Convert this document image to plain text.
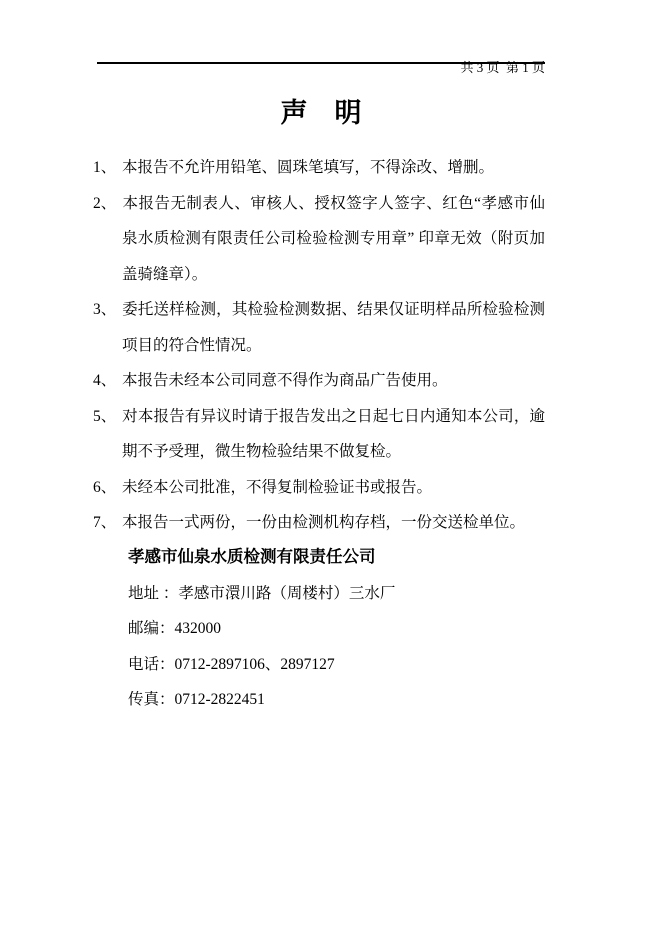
共 3 页  第 1 页

声　明
1、 本报告不允许用铅笔、圆珠笔填写，不得涂改、增删。
2、 本报告无制表人、审核人、授权签字人签字、红色“孝感市仙泉水质检测有限责任公司检验检测专用章” 印章无效（附页加盖骑缝章）。
3、 委托送样检测，其检验检测数据、结果仅证明样品所检验检测项目的符合性情况。
4、 本报告未经本公司同意不得作为商品广告使用。
5、 对本报告有异议时请于报告发出之日起七日内通知本公司，逾期不予受理，微生物检验结果不做复检。
6、 未经本公司批准，不得复制检验证书或报告。
7、 本报告一式两份，一份由检测机构存档，一份交送检单位。
孝感市仙泉水质检测有限责任公司
地址 ：孝感市澴川路（周楼村）三水厂
邮编：432000
电话：0712-2897106、2897127
传真：0712-2822451
